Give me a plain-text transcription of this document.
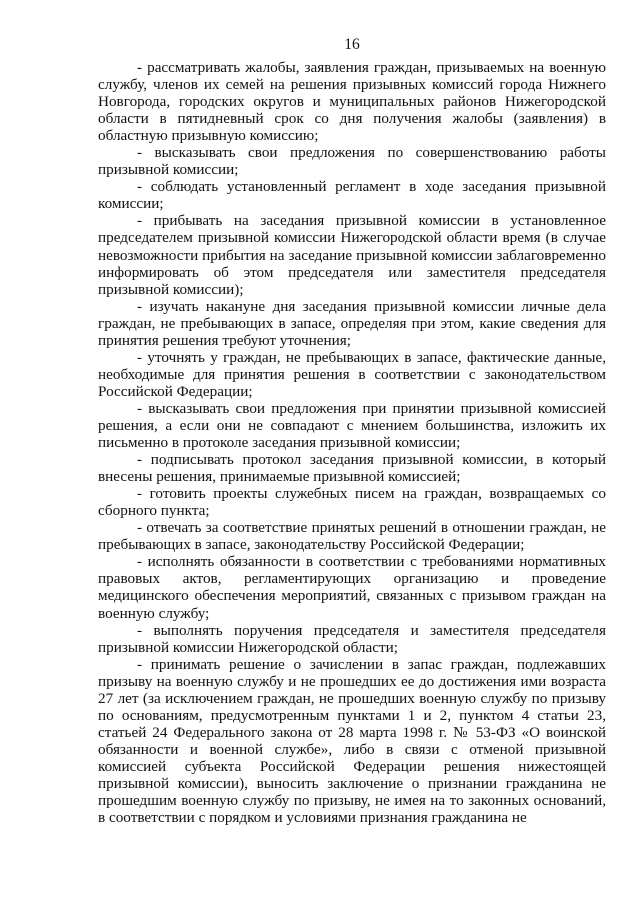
16

- рассматривать жалобы, заявления граждан, призываемых на военную службу, членов их семей на решения призывных комиссий города Нижнего Новгорода, городских округов и муниципальных районов Нижегородской области в пятидневный срок со дня получения жалобы (заявления) в областную призывную комиссию;

- высказывать свои предложения по совершенствованию работы призывной комиссии;

- соблюдать установленный регламент в ходе заседания призывной комиссии;

- прибывать на заседания призывной комиссии в установленное председателем призывной комиссии Нижегородской области время (в случае невозможности прибытия на заседание призывной комиссии заблаговременно информировать об этом председателя или заместителя председателя призывной комиссии);

- изучать накануне дня заседания призывной комиссии личные дела граждан, не пребывающих в запасе, определяя при этом, какие сведения для принятия решения требуют уточнения;

- уточнять у граждан, не пребывающих в запасе, фактические данные, необходимые для принятия решения в соответствии с законодательством Российской Федерации;

- высказывать свои предложения при принятии призывной комиссией решения, а если они не совпадают с мнением большинства, изложить их письменно в протоколе заседания призывной комиссии;

- подписывать протокол заседания призывной комиссии, в который внесены решения, принимаемые призывной комиссией;

- готовить проекты служебных писем на граждан, возвращаемых со сборного пункта;

- отвечать за соответствие принятых решений в отношении граждан, не пребывающих в запасе, законодательству Российской Федерации;

- исполнять обязанности в соответствии с требованиями нормативных правовых актов, регламентирующих организацию и проведение медицинского обеспечения мероприятий, связанных с призывом граждан на военную службу;

- выполнять поручения председателя и заместителя председателя призывной комиссии Нижегородской области;

- принимать решение о зачислении в запас граждан, подлежавших призыву на военную службу и не прошедших ее до достижения ими возраста 27 лет (за исключением граждан, не прошедших военную службу по призыву по основаниям, предусмотренным пунктами 1 и 2, пунктом 4 статьи 23, статьей 24 Федерального закона от 28 марта 1998 г. № 53-ФЗ «О воинской обязанности и военной службе», либо в связи с отменой призывной комиссией субъекта Российской Федерации решения нижестоящей призывной комиссии), выносить заключение о признании гражданина не прошедшим военную службу по призыву, не имея на то законных оснований, в соответствии с порядком и условиями признания гражданина не
